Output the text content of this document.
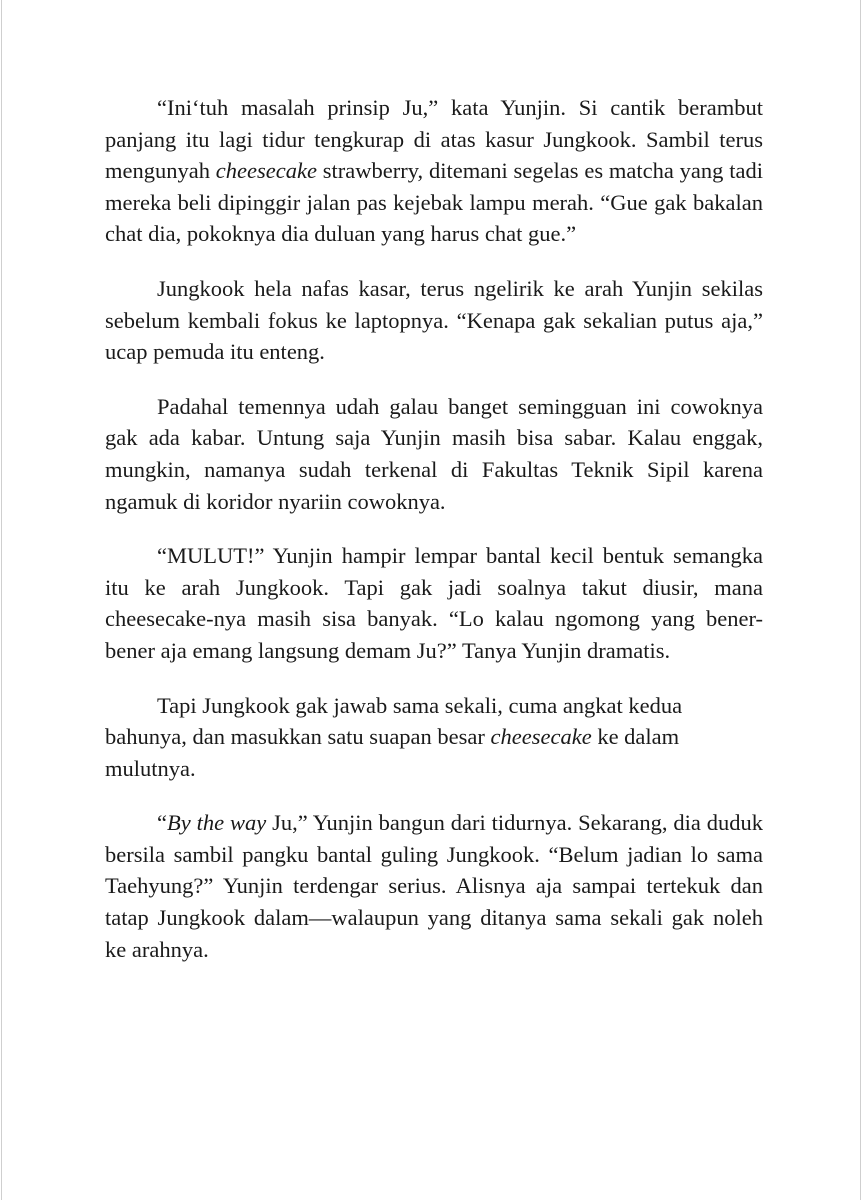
“Ini‘tuh masalah prinsip Ju,” kata Yunjin. Si cantik berambut panjang itu lagi tidur tengkurap di atas kasur Jungkook. Sambil terus mengunyah cheesecake strawberry, ditemani segelas es matcha yang tadi mereka beli dipinggir jalan pas kejebak lampu merah. “Gue gak bakalan chat dia, pokoknya dia duluan yang harus chat gue.”

Jungkook hela nafas kasar, terus ngelirik ke arah Yunjin sekilas sebelum kembali fokus ke laptopnya. “Kenapa gak sekalian putus aja,” ucap pemuda itu enteng.

Padahal temennya udah galau banget semingguan ini cowoknya gak ada kabar. Untung saja Yunjin masih bisa sabar. Kalau enggak, mungkin, namanya sudah terkenal di Fakultas Teknik Sipil karena ngamuk di koridor nyariin cowoknya.

“MULUT!” Yunjin hampir lempar bantal kecil bentuk semangka itu ke arah Jungkook. Tapi gak jadi soalnya takut diusir, mana cheesecake-nya masih sisa banyak. “Lo kalau ngomong yang bener-bener aja emang langsung demam Ju?” Tanya Yunjin dramatis.

Tapi Jungkook gak jawab sama sekali, cuma angkat kedua bahunya, dan masukkan satu suapan besar cheesecake ke dalam mulutnya.

“By the way Ju,” Yunjin bangun dari tidurnya. Sekarang, dia duduk bersila sambil pangku bantal guling Jungkook. “Belum jadian lo sama Taehyung?” Yunjin terdengar serius. Alisnya aja sampai tertekuk dan tatap Jungkook dalam—walaupun yang ditanya sama sekali gak noleh ke arahnya.
